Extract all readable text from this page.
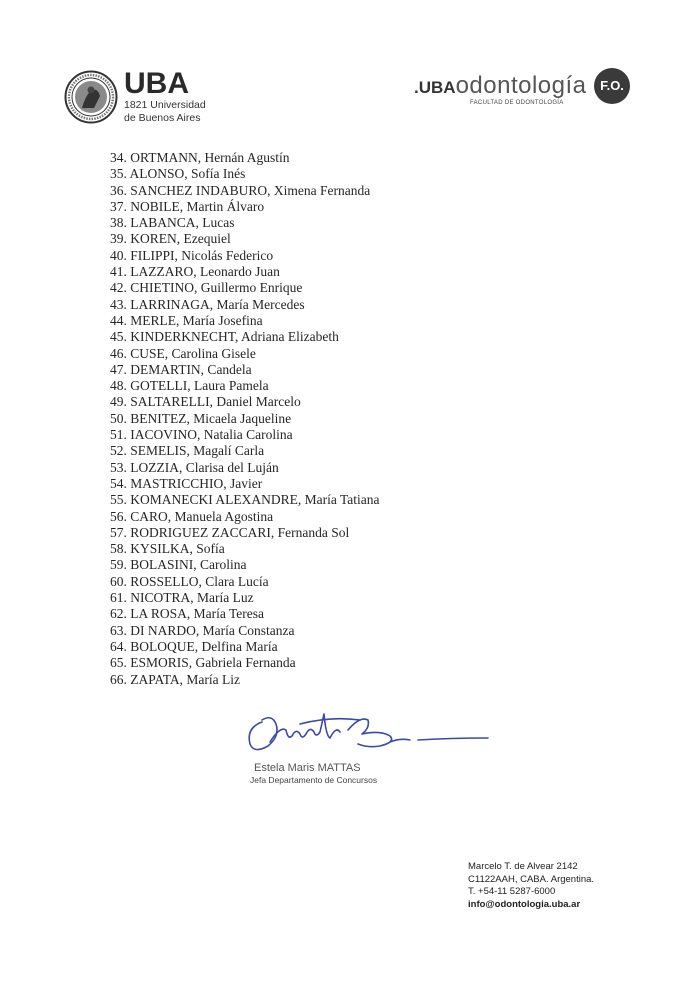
UBA
1821 Universidad
de Buenos Aires
.UBAodontología
FACULTAD DE ODONTOLOGÍA
F.O.
34. ORTMANN, Hernán Agustín
35. ALONSO, Sofía Inés
36. SANCHEZ INDABURO, Ximena Fernanda
37. NOBILE, Martin Álvaro
38. LABANCA, Lucas
39. KOREN, Ezequiel
40. FILIPPI, Nicolás Federico
41. LAZZARO, Leonardo Juan
42. CHIETINO, Guillermo Enrique
43. LARRINAGA, María Mercedes
44. MERLE, María Josefina
45. KINDERKNECHT, Adriana Elizabeth
46. CUSE, Carolina Gisele
47. DEMARTIN, Candela
48. GOTELLI, Laura Pamela
49. SALTARELLI, Daniel Marcelo
50. BENITEZ, Micaela Jaqueline
51. IACOVINO, Natalia Carolina
52. SEMELIS, Magalí Carla
53. LOZZIA, Clarisa del Luján
54. MASTRICCHIO, Javier
55. KOMANECKI ALEXANDRE, María Tatiana
56. CARO, Manuela Agostina
57. RODRIGUEZ ZACCARI, Fernanda Sol
58. KYSILKA, Sofía
59. BOLASINI, Carolina
60. ROSSELLO, Clara Lucía
61. NICOTRA, María Luz
62. LA ROSA, María Teresa
63. DI NARDO, María Constanza
64. BOLOQUE, Delfina María
65. ESMORIS, Gabriela Fernanda
66. ZAPATA, María Liz
Estela Maris MATTAS
Jefa Departamento de Concursos
Marcelo T. de Alvear 2142
C1122AAH, CABA. Argentina.
T. +54-11 5287-6000
info@odontologia.uba.ar
